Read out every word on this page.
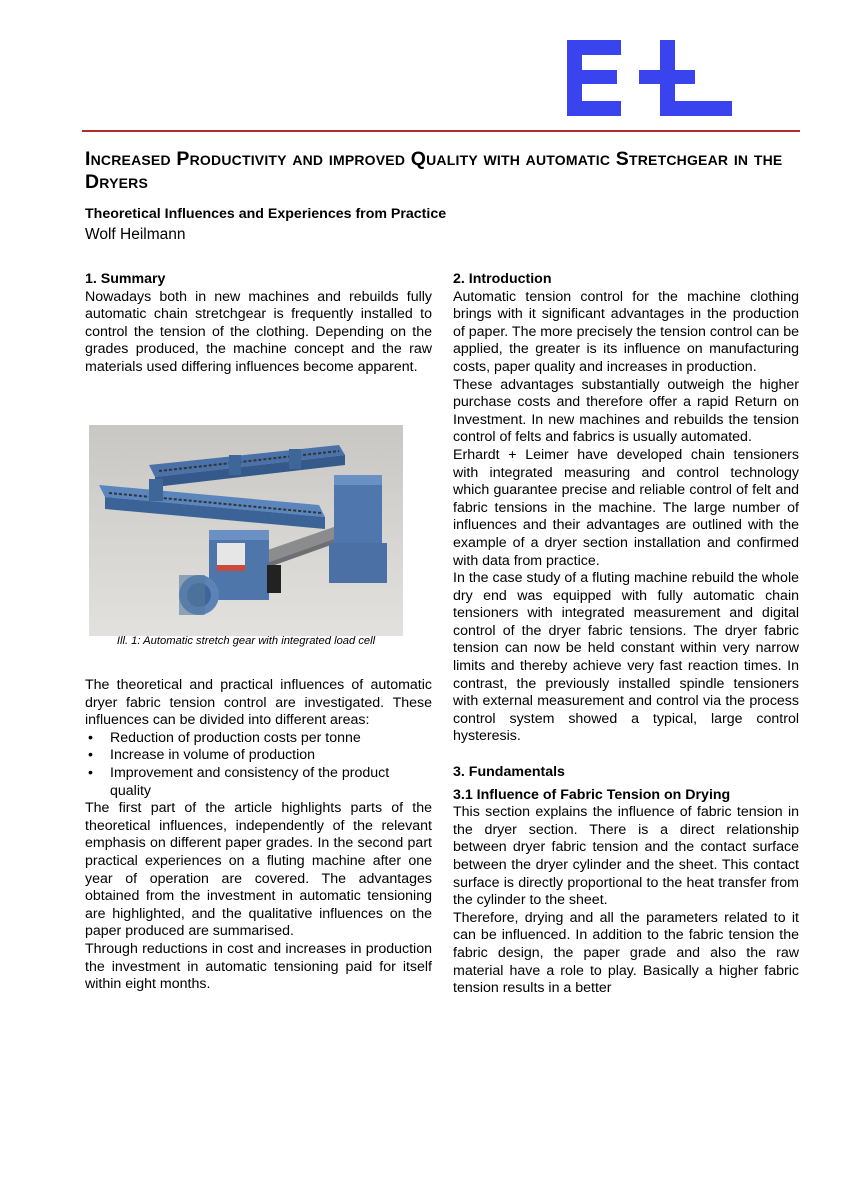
Increased Productivity and improved Quality with automatic Stretchgear in the Dryers

Theoretical Influences and Experiences from Practice

Wolf Heilmann

1. Summary

Nowadays both in new machines and rebuilds fully automatic chain stretchgear is frequently installed to control the tension of the clothing. Depending on the grades produced, the machine concept and the raw materials used differing influences become apparent.

Ill. 1: Automatic stretch gear with integrated load cell

The theoretical and practical influences of automatic dryer fabric tension control are investigated. These influences can be divided into different areas:

• Reduction of production costs per tonne
• Increase in volume of production
• Improvement and consistency of the product quality

The first part of the article highlights parts of the theoretical influences, independently of the relevant emphasis on different paper grades. In the second part practical experiences on a fluting machine after one year of operation are covered. The advantages obtained from the investment in automatic tensioning are highlighted, and the qualitative influences on the paper produced are summarised.

Through reductions in cost and increases in production the investment in automatic tensioning paid for itself within eight months.

2. Introduction

Automatic tension control for the machine clothing brings with it significant advantages in the production of paper. The more precisely the tension control can be applied, the greater is its influence on manufacturing costs, paper quality and increases in production.

These advantages substantially outweigh the higher purchase costs and therefore offer a rapid Return on Investment. In new machines and rebuilds the tension control of felts and fabrics is usually automated.

Erhardt + Leimer have developed chain tensioners with integrated measuring and control technology which guarantee precise and reliable control of felt and fabric tensions in the machine. The large number of influences and their advantages are outlined with the example of a dryer section installation and confirmed with data from practice.

In the case study of a fluting machine rebuild the whole dry end was equipped with fully automatic chain tensioners with integrated measurement and digital control of the dryer fabric tensions. The dryer fabric tension can now be held constant within very narrow limits and thereby achieve very fast reaction times. In contrast, the previously installed spindle tensioners with external measurement and control via the process control system showed a typical, large control hysteresis.

3. Fundamentals
3.1 Influence of Fabric Tension on Drying

This section explains the influence of fabric tension in the dryer section. There is a direct relationship between dryer fabric tension and the contact surface between the dryer cylinder and the sheet. This contact surface is directly proportional to the heat transfer from the cylinder to the sheet.

Therefore, drying and all the parameters related to it can be influenced. In addition to the fabric tension the fabric design, the paper grade and also the raw material have a role to play. Basically a higher fabric tension results in a better
